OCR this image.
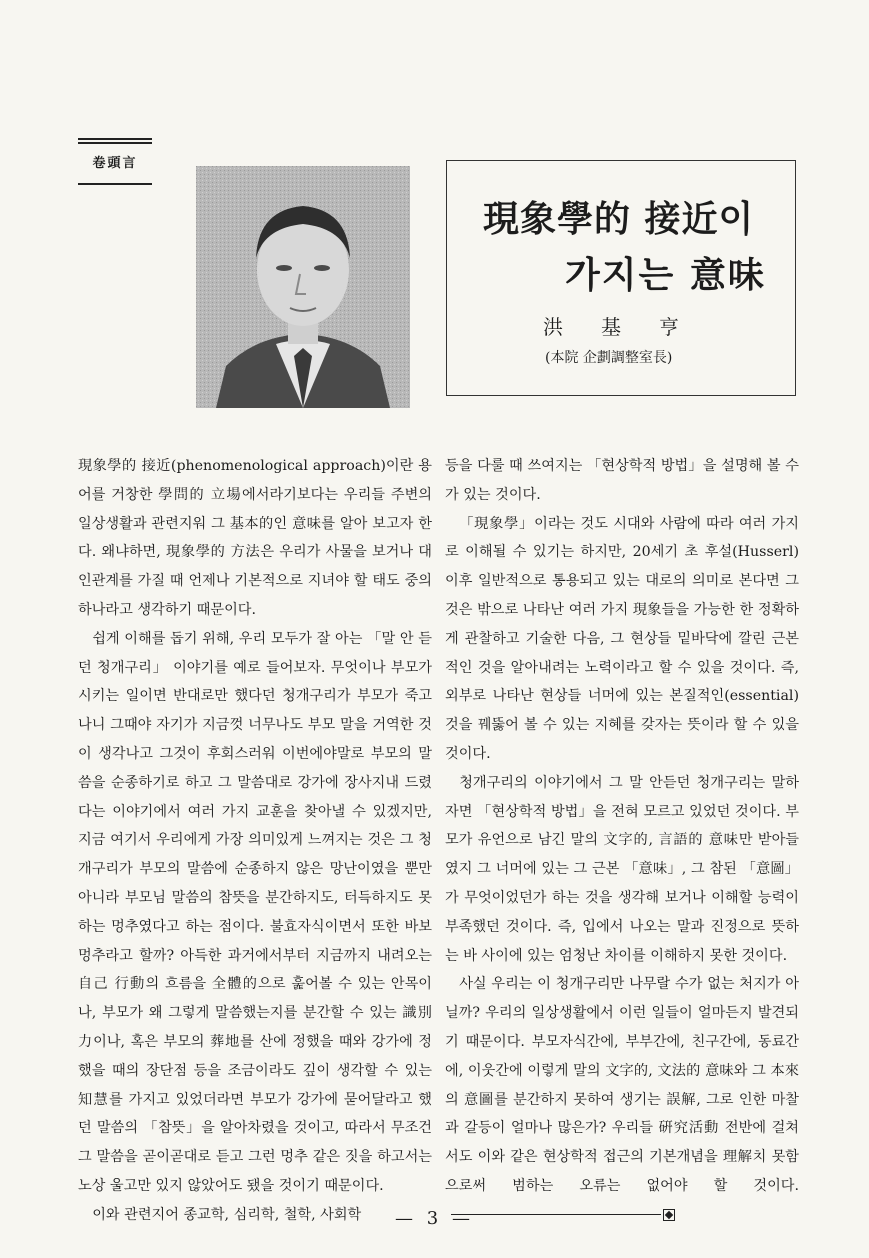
卷頭言
現象學的 接近이
가지는 意味
洪基亨
(本院 企劃調整室長)

現象學的 接近(phenomenological approach)이란 용어를 거창한 學問的 立場에서라기보다는 우리들 주변의 일상생활과 관련지워 그 基本的인 意味를 알아 보고자 한다. 왜냐하면, 現象學的 方法은 우리가 사물을 보거나 대인관계를 가질 때 언제나 기본적으로 지녀야 할 태도 중의 하나라고 생각하기 때문이다.

쉽게 이해를 돕기 위해, 우리 모두가 잘 아는 「말 안 듣던 청개구리」 이야기를 예로 들어보자. 무엇이나 부모가 시키는 일이면 반대로만 했다던 청개구리가 부모가 죽고 나니 그때야 자기가 지금껏 너무나도 부모 말을 거역한 것이 생각나고 그것이 후회스러워 이번에야말로 부모의 말씀을 순종하기로 하고 그 말씀대로 강가에 장사지내 드렸다는 이야기에서 여러 가지 교훈을 찾아낼 수 있겠지만, 지금 여기서 우리에게 가장 의미있게 느껴지는 것은 그 청개구리가 부모의 말씀에 순종하지 않은 망난이였을 뿐만 아니라 부모님 말씀의 참뜻을 분간하지도, 터득하지도 못하는 멍추였다고 하는 점이다. 불효자식이면서 또한 바보 멍추라고 할까? 아득한 과거에서부터 지금까지 내려오는 自己 行動의 흐름을 全體的으로 훑어볼 수 있는 안목이나, 부모가 왜 그렇게 말씀했는지를 분간할 수 있는 識別力이나, 혹은 부모의 葬地를 산에 정했을 때와 강가에 정했을 때의 장단점 등을 조금이라도 깊이 생각할 수 있는 知慧를 가지고 있었더라면 부모가 강가에 묻어달라고 했던 말씀의 「참뜻」을 알아차렸을 것이고, 따라서 무조건 그 말씀을 곧이곧대로 듣고 그런 멍추 같은 짓을 하고서는 노상 울고만 있지 않았어도 됐을 것이기 때문이다.

이와 관련지어 종교학, 심리학, 철학, 사회학

등을 다룰 때 쓰여지는 「현상학적 방법」을 설명해 볼 수가 있는 것이다.

「現象學」이라는 것도 시대와 사람에 따라 여러 가지로 이해될 수 있기는 하지만, 20세기 초 후설(Husserl) 이후 일반적으로 통용되고 있는 대로의 의미로 본다면 그것은 밖으로 나타난 여러 가지 現象들을 가능한 한 정확하게 관찰하고 기술한 다음, 그 현상들 밑바닥에 깔린 근본적인 것을 알아내려는 노력이라고 할 수 있을 것이다. 즉, 외부로 나타난 현상들 너머에 있는 본질적인(essential) 것을 꿰뚫어 볼 수 있는 지혜를 갖자는 뜻이라 할 수 있을 것이다.

청개구리의 이야기에서 그 말 안듣던 청개구리는 말하자면 「현상학적 방법」을 전혀 모르고 있었던 것이다. 부모가 유언으로 남긴 말의 文字的, 言語的 意味만 받아들였지 그 너머에 있는 그 근본 「意味」, 그 참된 「意圖」가 무엇이었던가 하는 것을 생각해 보거나 이해할 능력이 부족했던 것이다. 즉, 입에서 나오는 말과 진정으로 뜻하는 바 사이에 있는 엄청난 차이를 이해하지 못한 것이다.

사실 우리는 이 청개구리만 나무랄 수가 없는 처지가 아닐까? 우리의 일상생활에서 이런 일들이 얼마든지 발견되기 때문이다. 부모자식간에, 부부간에, 친구간에, 동료간에, 이웃간에 이렇게 말의 文字的, 文法的 意味와 그 本來의 意圖를 분간하지 못하여 생기는 誤解, 그로 인한 마찰과 갈등이 얼마나 많은가? 우리들 硏究活動 전반에 걸쳐서도 이와 같은 현상학적 접근의 기본개념을 理解치 못함으로써 범하는 오류는 없어야 할 것이다.

— 3 —
